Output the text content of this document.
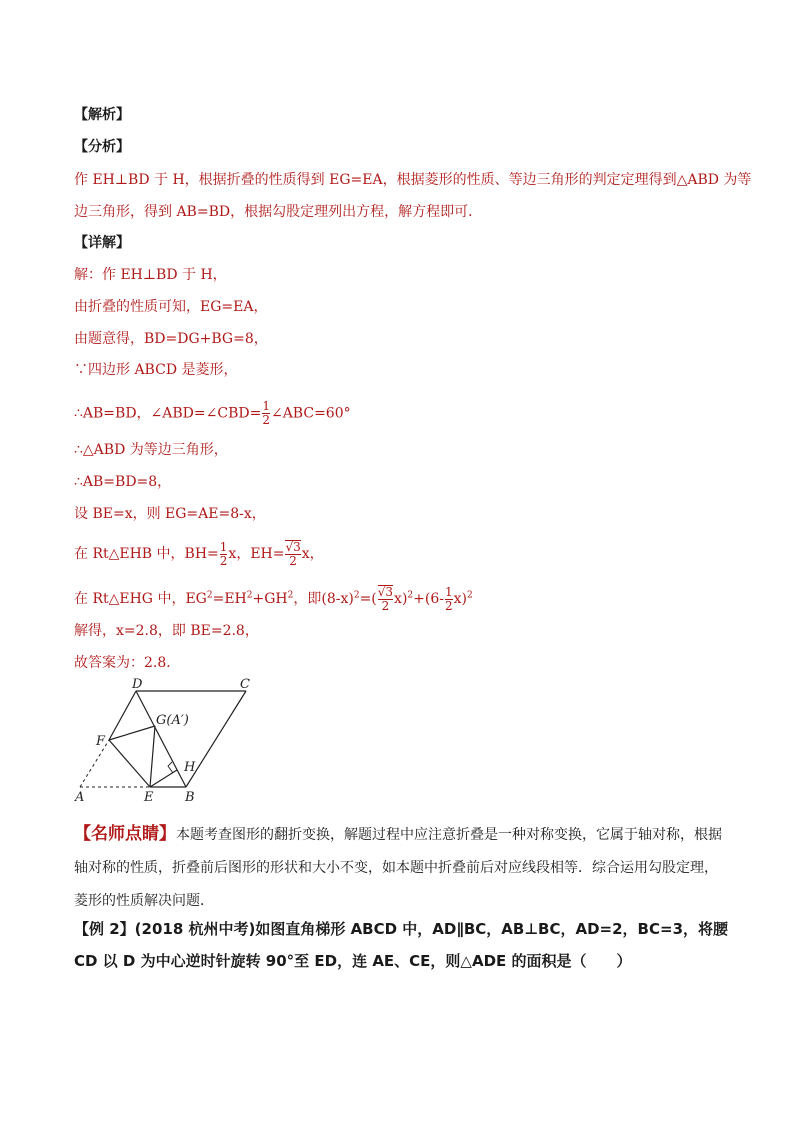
【解析】
【分析】
作 EH⊥BD 于 H，根据折叠的性质得到 EG=EA，根据菱形的性质、等边三角形的判定定理得到△ABD 为等
边三角形，得到 AB=BD，根据勾股定理列出方程，解方程即可．
【详解】
解：作 EH⊥BD 于 H，
由折叠的性质可知，EG=EA，
由题意得，BD=DG+BG=8，
∵四边形 ABCD 是菱形，
∴AB=BD，∠ABD=∠CBD= $\frac{1}{2}$ ∠ABC=60°
∴△ABD 为等边三角形，
∴AB=BD=8，
设 BE=x，则 EG=AE=8-x，
在 Rt△EHB 中，$BH= \frac{1}{2}$ x，$EH= \frac{√3}{2}$ x，
在 Rt△EHG 中，$EG^2=EH^2+GH^2$，即$(8-x)^2=( \frac{√3}{2} x)^2+(6- \frac{1}{2} x)^2$
解得，x=2.8，即 BE=2.8，
故答案为：2.8．
D	C
G(A′)
F
H
A	E B
【名师点睛】本题考查图形的翻折变换，解题过程中应注意折叠是一种对称变换，它属于轴对称，根据轴对称的性质，折叠前后图形的形状和大小不变，如本题中折叠前后对应线段相等．综合运用勾股定理，菱形的性质解决问题．
【例 2】(2018 杭州中考)如图直角梯形 ABCD 中，AD∥BC，AB⊥BC，AD=2，BC=3，将腰 CD 以 D 为中心逆时针旋转 90°至 ED，连 AE、CE，则△ADE 的面积是（　　）
